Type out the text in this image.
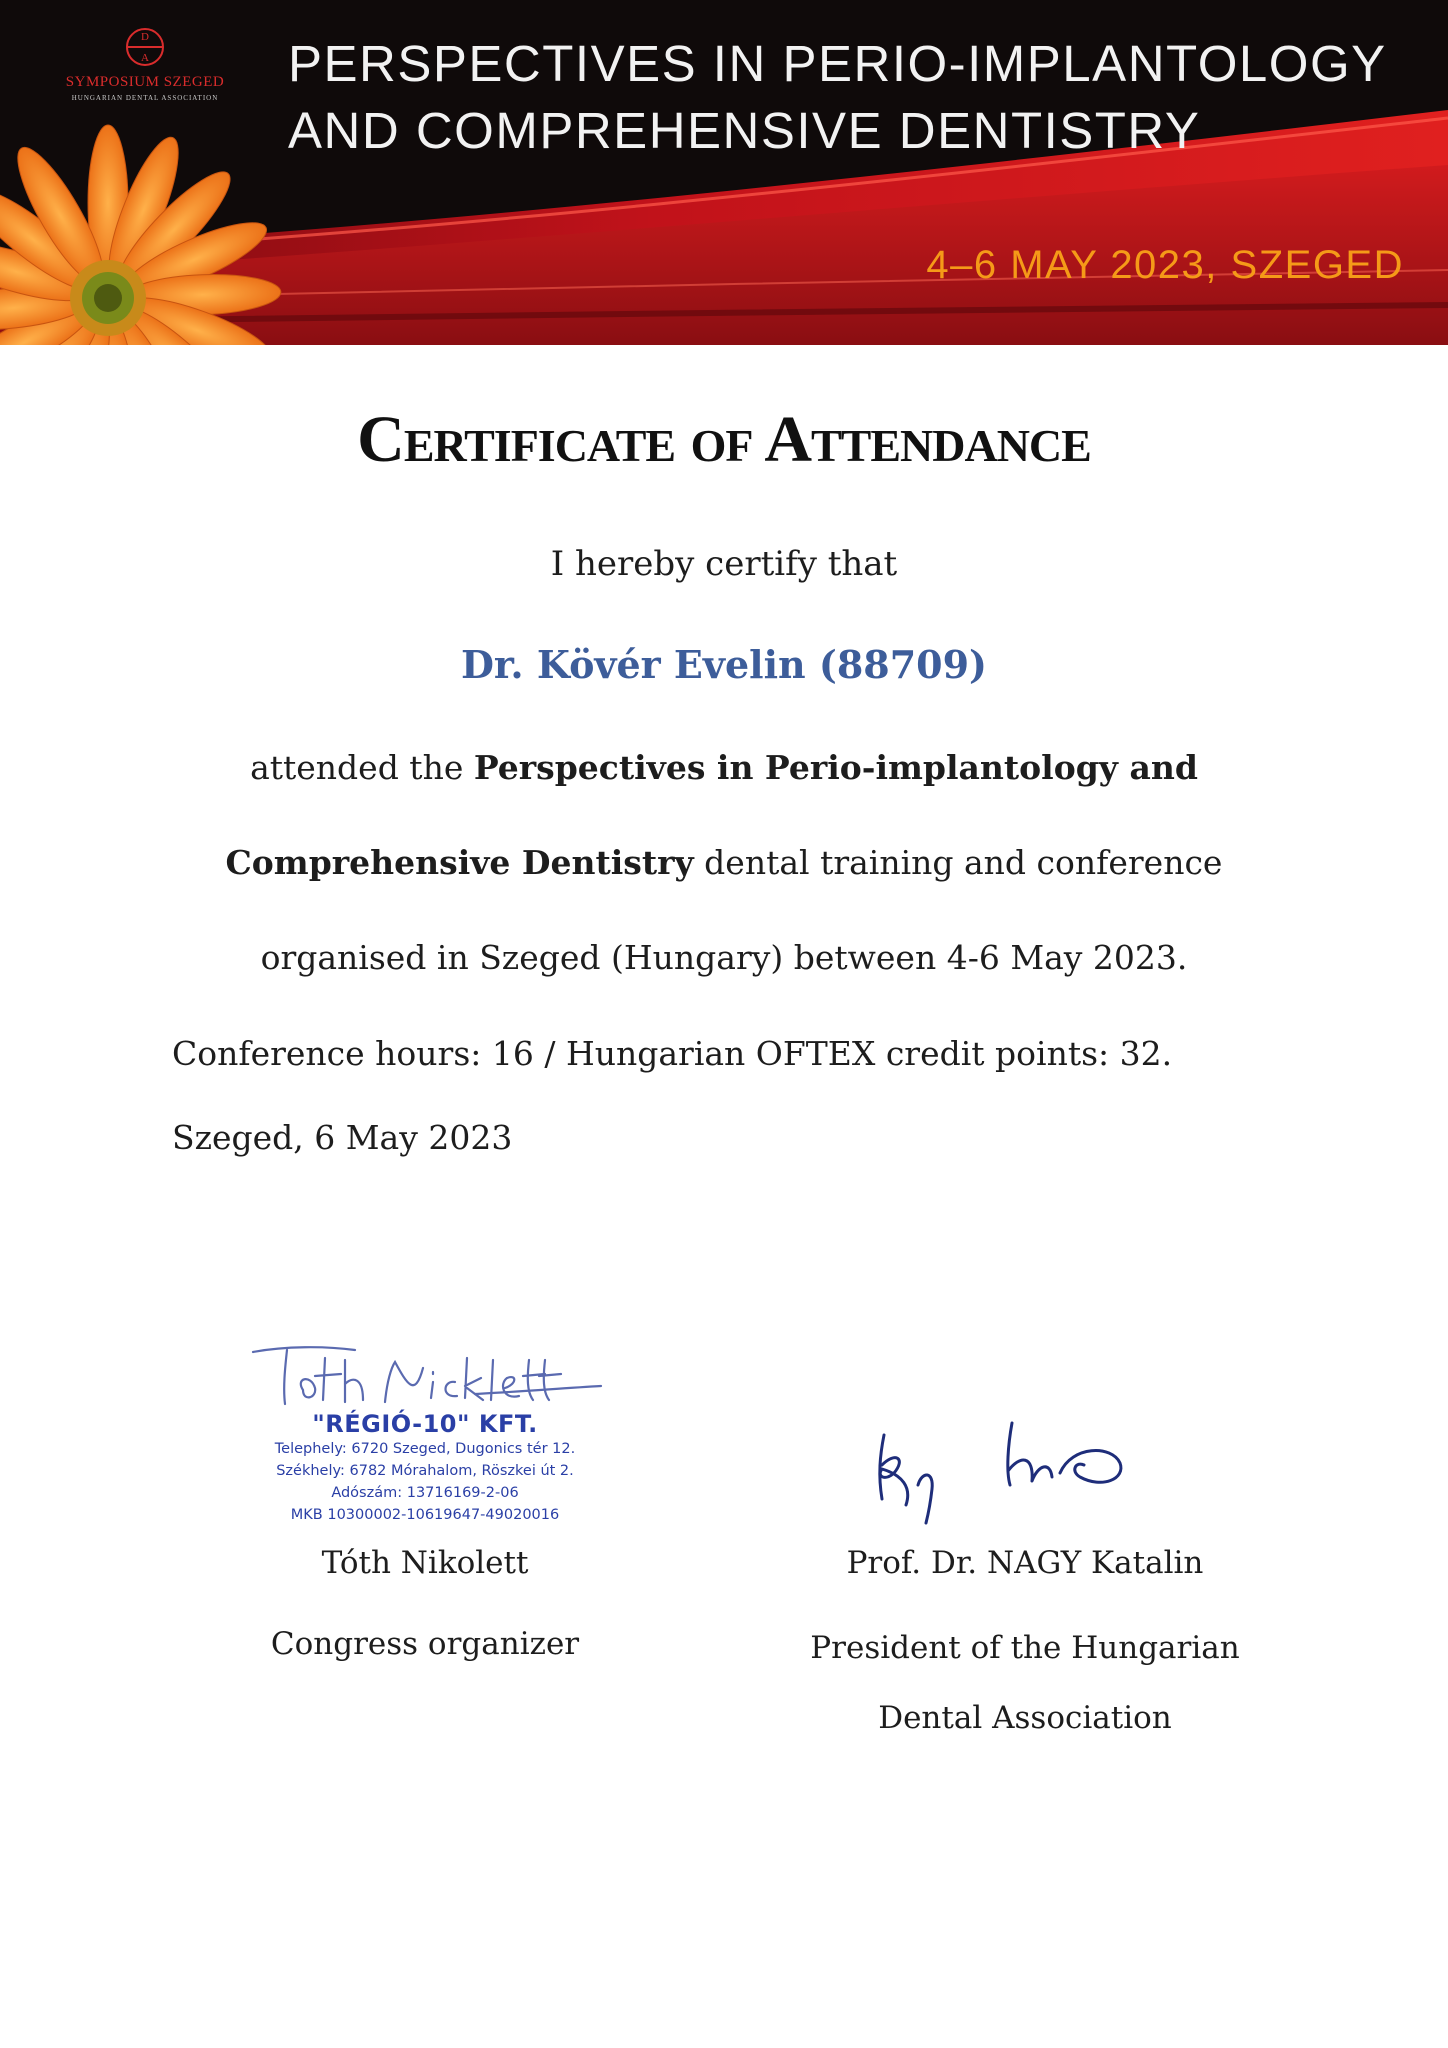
D
A
SYMPOSIUM SZEGED
HUNGARIAN DENTAL ASSOCIATION
PERSPECTIVES IN PERIO-IMPLANTOLOGY
AND COMPREHENSIVE DENTISTRY
4–6 MAY 2023, SZEGED
Certificate of Attendance
I hereby certify that
Dr. Kövér Evelin (88709)

attended the Perspectives in Perio-implantology and Comprehensive Dentistry dental training and conference organised in Szeged (Hungary) between 4-6 May 2023.

Conference hours: 16 / Hungarian OFTEX credit points: 32.
Szeged, 6 May 2023
"RÉGIÓ-10" KFT.
Telephely: 6720 Szeged, Dugonics tér 12.
Székhely: 6782 Mórahalom, Röszkei út 2.
Adószám: 13716169-2-06
MKB 10300002-10619647-49020016
Tóth Nikolett
Congress organizer
Prof. Dr. NAGY Katalin

President of the Hungarian Dental Association
